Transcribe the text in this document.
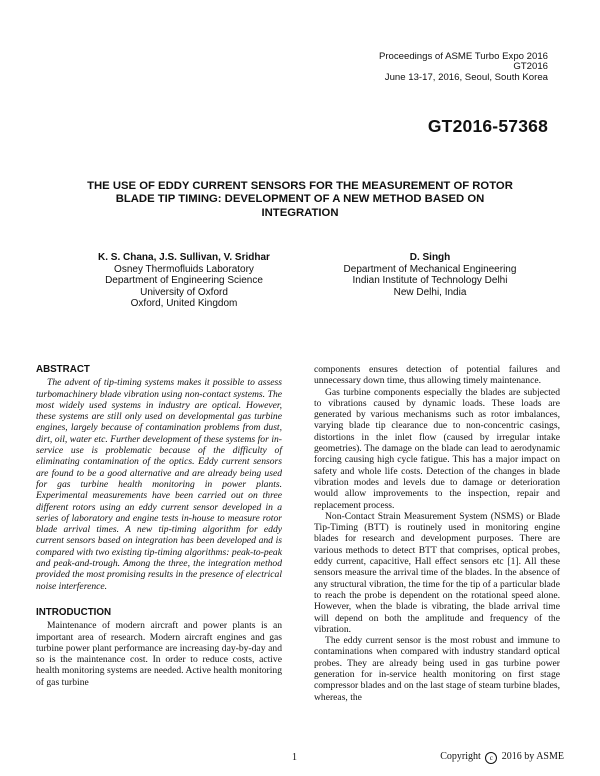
Proceedings of ASME Turbo Expo 2016
GT2016
June 13-17, 2016, Seoul, South Korea
GT2016-57368
THE USE OF EDDY CURRENT SENSORS FOR THE MEASUREMENT OF ROTOR
BLADE TIP TIMING: DEVELOPMENT OF A NEW METHOD BASED ON
INTEGRATION
K. S. Chana, J.S. Sullivan, V. Sridhar
Osney Thermofluids Laboratory
Department of Engineering Science
University of Oxford
Oxford, United Kingdom
D. Singh
Department of Mechanical Engineering
Indian Institute of Technology Delhi
New Delhi, India
ABSTRACT

The advent of tip-timing systems makes it possible to assess turbomachinery blade vibration using non-contact systems. The most widely used systems in industry are optical. However, these systems are still only used on developmental gas turbine engines, largely because of contamination problems from dust, dirt, oil, water etc. Further development of these systems for in-service use is problematic because of the difficulty of eliminating contamination of the optics. Eddy current sensors are found to be a good alternative and are already being used for gas turbine health monitoring in power plants. Experimental measurements have been carried out on three different rotors using an eddy current sensor developed in a series of laboratory and engine tests in-house to measure rotor blade arrival times. A new tip-timing algorithm for eddy current sensors based on integration has been developed and is compared with two existing tip-timing algorithms: peak-to-peak and peak-and-trough. Among the three, the integration method provided the most promising results in the presence of electrical noise interference.

INTRODUCTION

Maintenance of modern aircraft and power plants is an important area of research. Modern aircraft engines and gas turbine power plant performance are increasing day-by-day and so is the maintenance cost. In order to reduce costs, active health monitoring systems are needed. Active health monitoring of gas turbine

components ensures detection of potential failures and unnecessary down time, thus allowing timely maintenance.

Gas turbine components especially the blades are subjected to vibrations caused by dynamic loads. These loads are generated by various mechanisms such as rotor imbalances, varying blade tip clearance due to non-concentric casings, distortions in the inlet flow (caused by irregular intake geometries). The damage on the blade can lead to aerodynamic forcing causing high cycle fatigue. This has a major impact on safety and whole life costs. Detection of the changes in blade vibration modes and levels due to damage or deterioration would allow improvements to the inspection, repair and replacement process.

Non-Contact Strain Measurement System (NSMS) or Blade Tip-Timing (BTT) is routinely used in monitoring engine blades for research and development purposes. There are various methods to detect BTT that comprises, optical probes, eddy current, capacitive, Hall effect sensors etc [1]. All these sensors measure the arrival time of the blades. In the absence of any structural vibration, the time for the tip of a particular blade to reach the probe is dependent on the rotational speed alone. However, when the blade is vibrating, the blade arrival time will depend on both the amplitude and frequency of the vibration.

The eddy current sensor is the most robust and immune to contaminations when compared with industry standard optical probes. They are already being used in gas turbine power generation for in-service health monitoring on first stage compressor blades and on the last stage of steam turbine blades, whereas, the

1	Copyright c 2016 by ASME
